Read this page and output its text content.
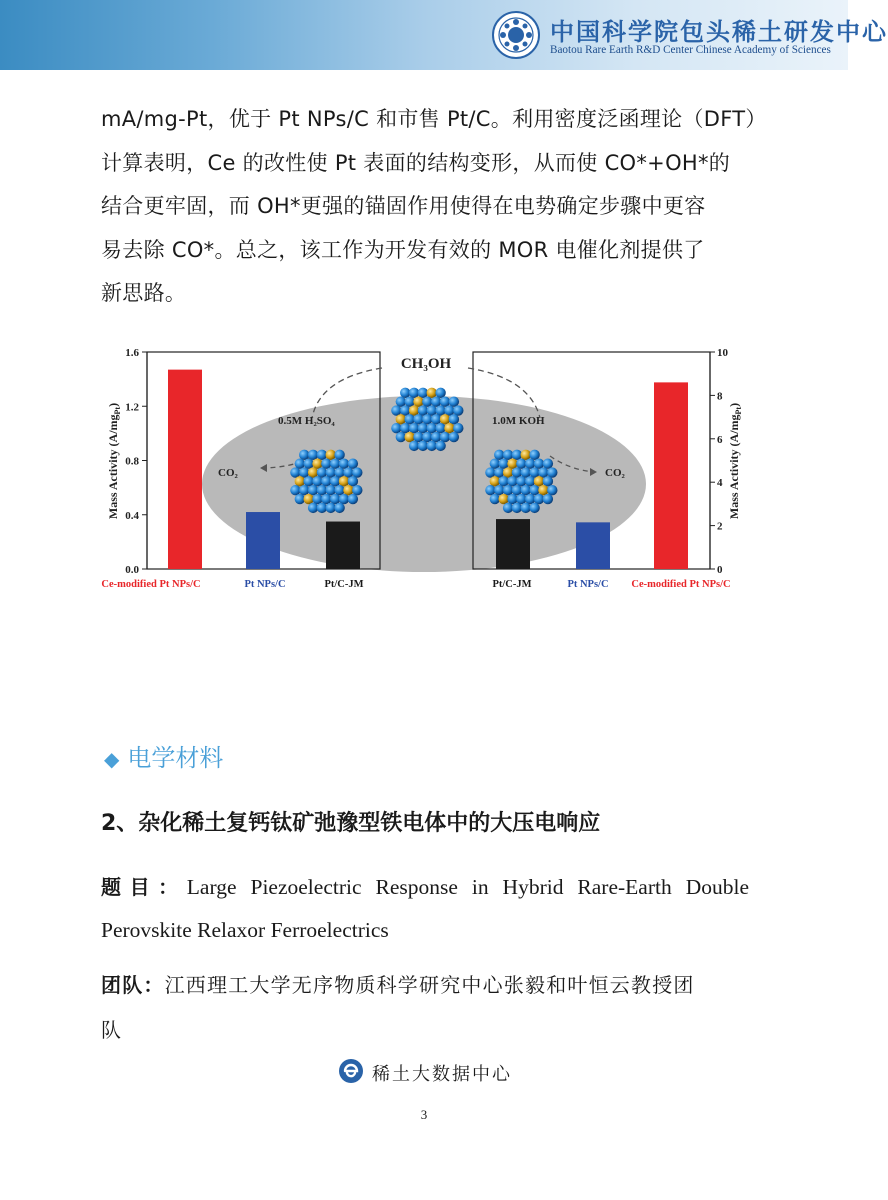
中国科学院包头稀土研发中心
Baotou Rare Earth R&D Center Chinese Academy of Sciences
mA/mg-Pt，优于 Pt NPs/C 和市售 Pt/C。利用密度泛函理论（DFT）
计算表明，Ce 的改性使 Pt 表面的结构变形，从而使 CO*+OH*的
结合更牢固，而 OH*更强的锚固作用使得在电势确定步骤中更容
易去除 CO*。总之，该工作为开发有效的 MOR 电催化剂提供了
新思路。
0.0
0.4
0.8
1.2
1.6
Mass Activity $(A/mg_{Pt})$
0
2
4
6
8
10
Mass Activity $(A/mg_{Pt})$
Ce-modified Pt NPs/C	Pt NPs/C	Pt/C-JM	Pt/C-JM	Pt NPs/C Ce-modified Pt NPs/C
CH₃OH
0.5M H₂SO₄	1.0M KOH
CO₂	CO₂
◆ 电学材料
2、杂化稀土复钙钛矿弛豫型铁电体中的大压电响应
题目：Large Piezoelectric Response in Hybrid Rare-Earth Double
Perovskite Relaxor Ferroelectrics
团队：江西理工大学无序物质科学研究中心张毅和叶恒云教授团
队
稀土大数据中心
3
